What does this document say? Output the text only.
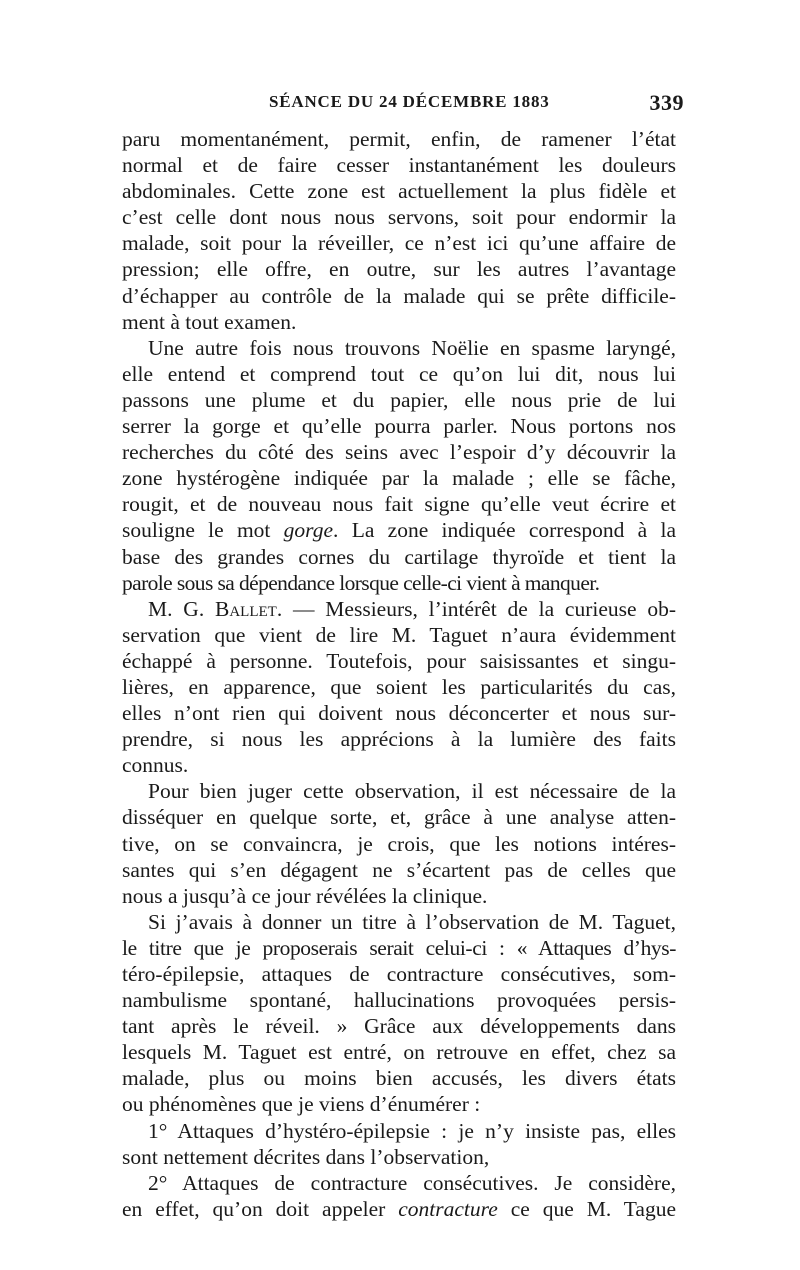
SÉANCE DU 24 DÉCEMBRE 1883	339

paru momentanément, permit, enfin, de ramener l’état
normal et de faire cesser instantanément les douleurs
abdominales. Cette zone est actuellement la plus fidèle et
c’est celle dont nous nous servons, soit pour endormir la
malade, soit pour la réveiller, ce n’est ici qu’une affaire de
pression; elle offre, en outre, sur les autres l’avantage
d’échapper au contrôle de la malade qui se prête difficile-
ment à tout examen.

Une autre fois nous trouvons Noëlie en spasme laryngé,
elle entend et comprend tout ce qu’on lui dit, nous lui
passons une plume et du papier, elle nous prie de lui
serrer la gorge et qu’elle pourra parler. Nous portons nos
recherches du côté des seins avec l’espoir d’y découvrir la
zone hystérogène indiquée par la malade ; elle se fâche,
rougit, et de nouveau nous fait signe qu’elle veut écrire et
souligne le mot gorge. La zone indiquée correspond à la
base des grandes cornes du cartilage thyroïde et tient la
parole sous sa dépendance lorsque celle-ci vient à manquer.

M. G. Ballet. — Messieurs, l’intérêt de la curieuse ob-
servation que vient de lire M. Taguet n’aura évidemment
échappé à personne. Toutefois, pour saisissantes et singu-
lières, en apparence, que soient les particularités du cas,
elles n’ont rien qui doivent nous déconcerter et nous sur-
prendre, si nous les apprécions à la lumière des faits
connus.

Pour bien juger cette observation, il est nécessaire de la
disséquer en quelque sorte, et, grâce à une analyse atten-
tive, on se convaincra, je crois, que les notions intéres-
santes qui s’en dégagent ne s’écartent pas de celles que
nous a jusqu’à ce jour révélées la clinique.

Si j’avais à donner un titre à l’observation de M. Taguet,
le titre que je proposerais serait celui-ci : « Attaques d’hys-
téro-épilepsie, attaques de contracture consécutives, som-
nambulisme spontané, hallucinations provoquées persis-
tant après le réveil. » Grâce aux développements dans
lesquels M. Taguet est entré, on retrouve en effet, chez sa
malade, plus ou moins bien accusés, les divers états
ou phénomènes que je viens d’énumérer :

1° Attaques d’hystéro-épilepsie : je n’y insiste pas, elles
sont nettement décrites dans l’observation,

2° Attaques de contracture consécutives. Je considère,
en effet, qu’on doit appeler contracture ce que M. Tague
